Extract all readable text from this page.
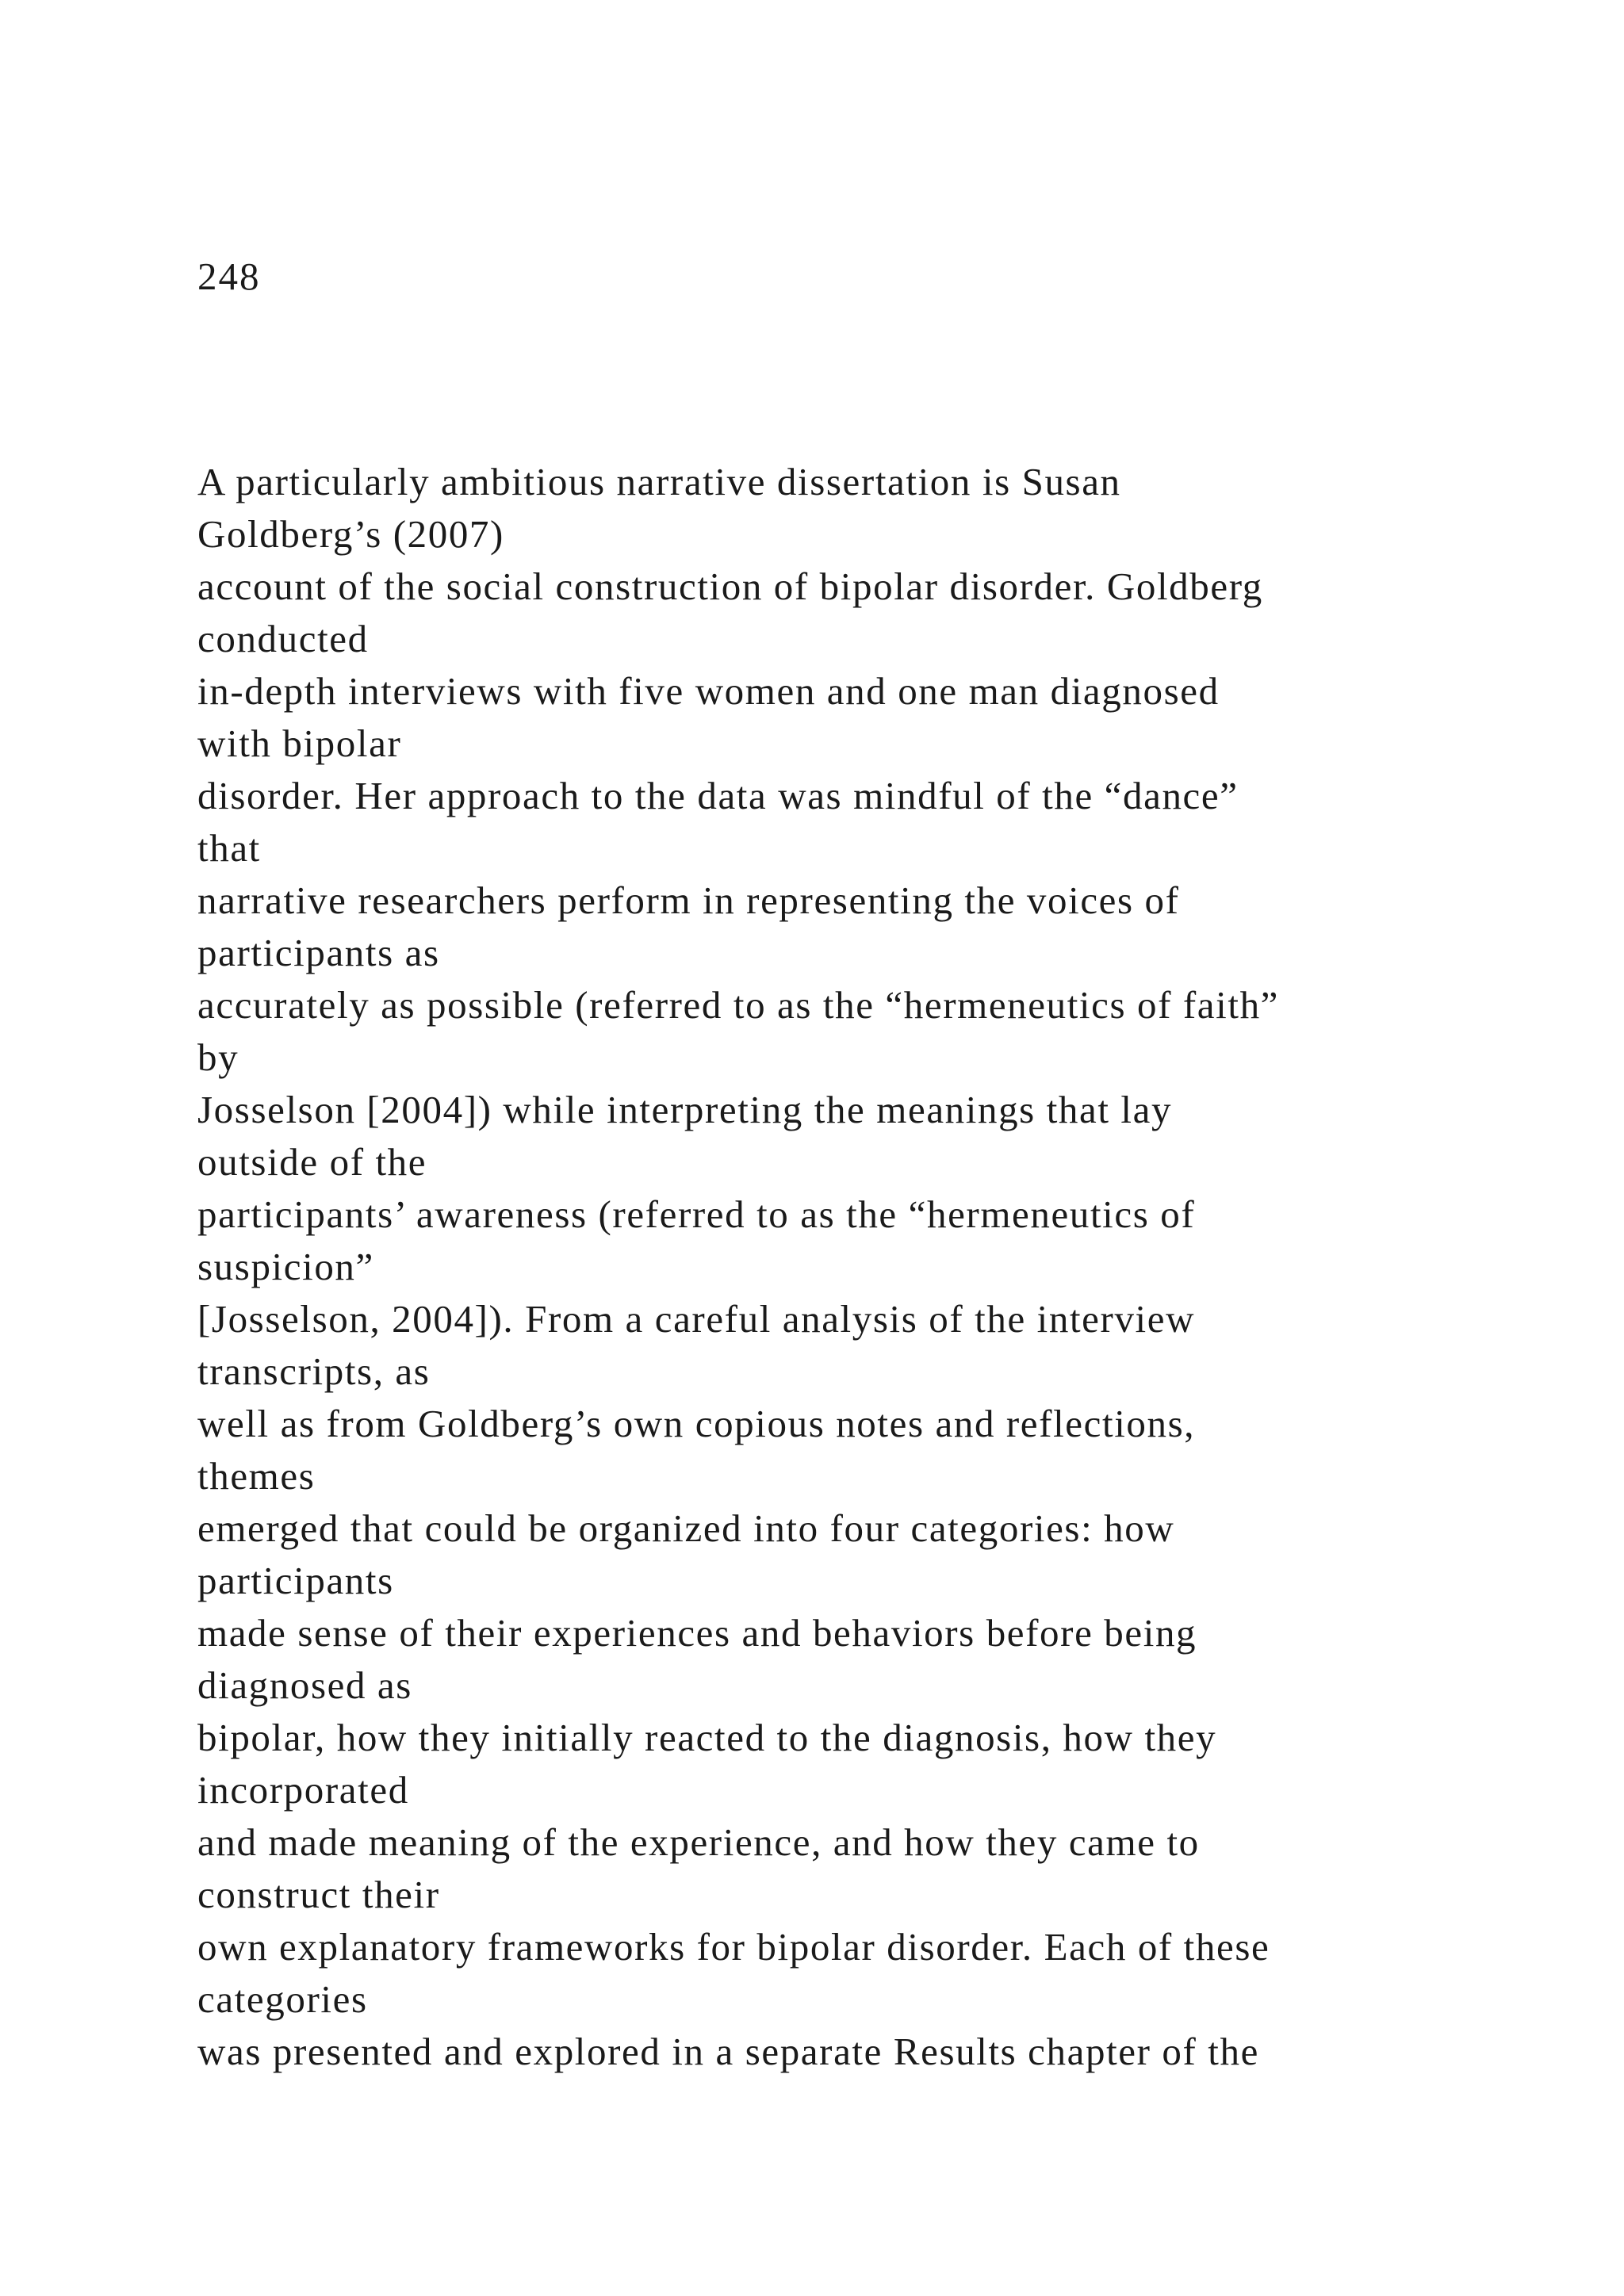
248
A particularly ambitious narrative dissertation is Susan
Goldberg’s (2007)
account of the social construction of bipolar disorder. Goldberg
conducted
in-depth interviews with five women and one man diagnosed
with bipolar
disorder. Her approach to the data was mindful of the “dance”
that
narrative researchers perform in representing the voices of
participants as
accurately as possible (referred to as the “hermeneutics of faith”
by
Josselson [2004]) while interpreting the meanings that lay
outside of the
participants’ awareness (referred to as the “hermeneutics of
suspicion”
[Josselson, 2004]). From a careful analysis of the interview
transcripts, as
well as from Goldberg’s own copious notes and reflections,
themes
emerged that could be organized into four categories: how
participants
made sense of their experiences and behaviors before being
diagnosed as
bipolar, how they initially reacted to the diagnosis, how they
incorporated
and made meaning of the experience, and how they came to
construct their
own explanatory frameworks for bipolar disorder. Each of these
categories
was presented and explored in a separate Results chapter of the
